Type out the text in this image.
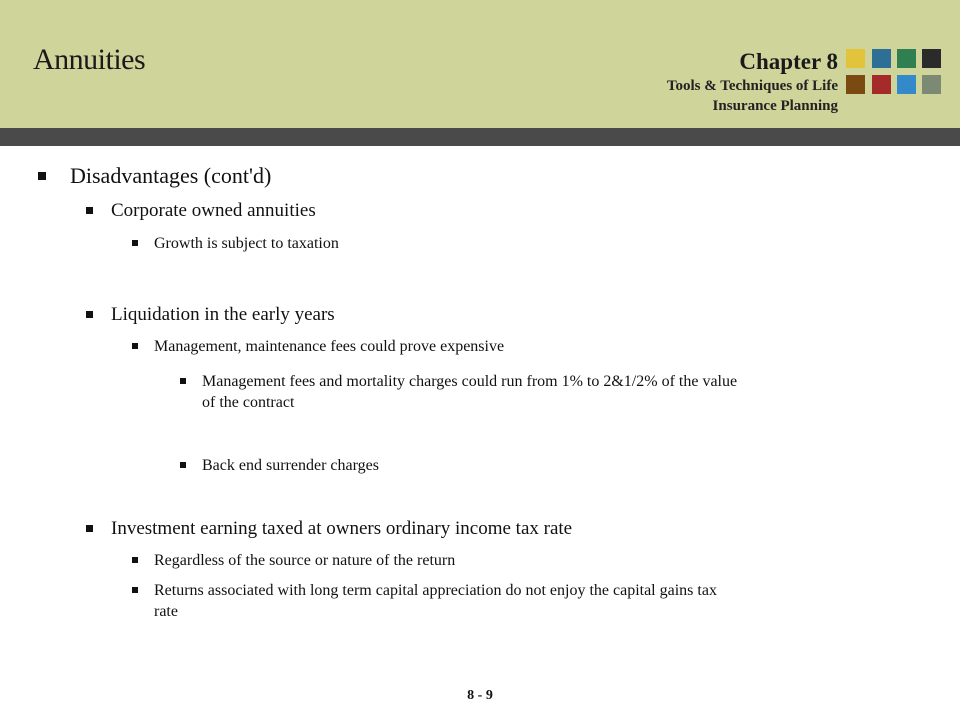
Annuities	Chapter 8
Tools & Techniques of Life
Insurance Planning
Disadvantages (cont'd)
Corporate owned annuities
Growth is subject to taxation
Liquidation in the early years
Management, maintenance fees could prove expensive
Management fees and mortality charges could run from 1% to 2&1/2% of the value
of the contract
Back end surrender charges
Investment earning taxed at owners ordinary income tax rate
Regardless of the source or nature of the return
Returns associated with long term capital appreciation do not enjoy the capital gains tax
rate
8 - 9
